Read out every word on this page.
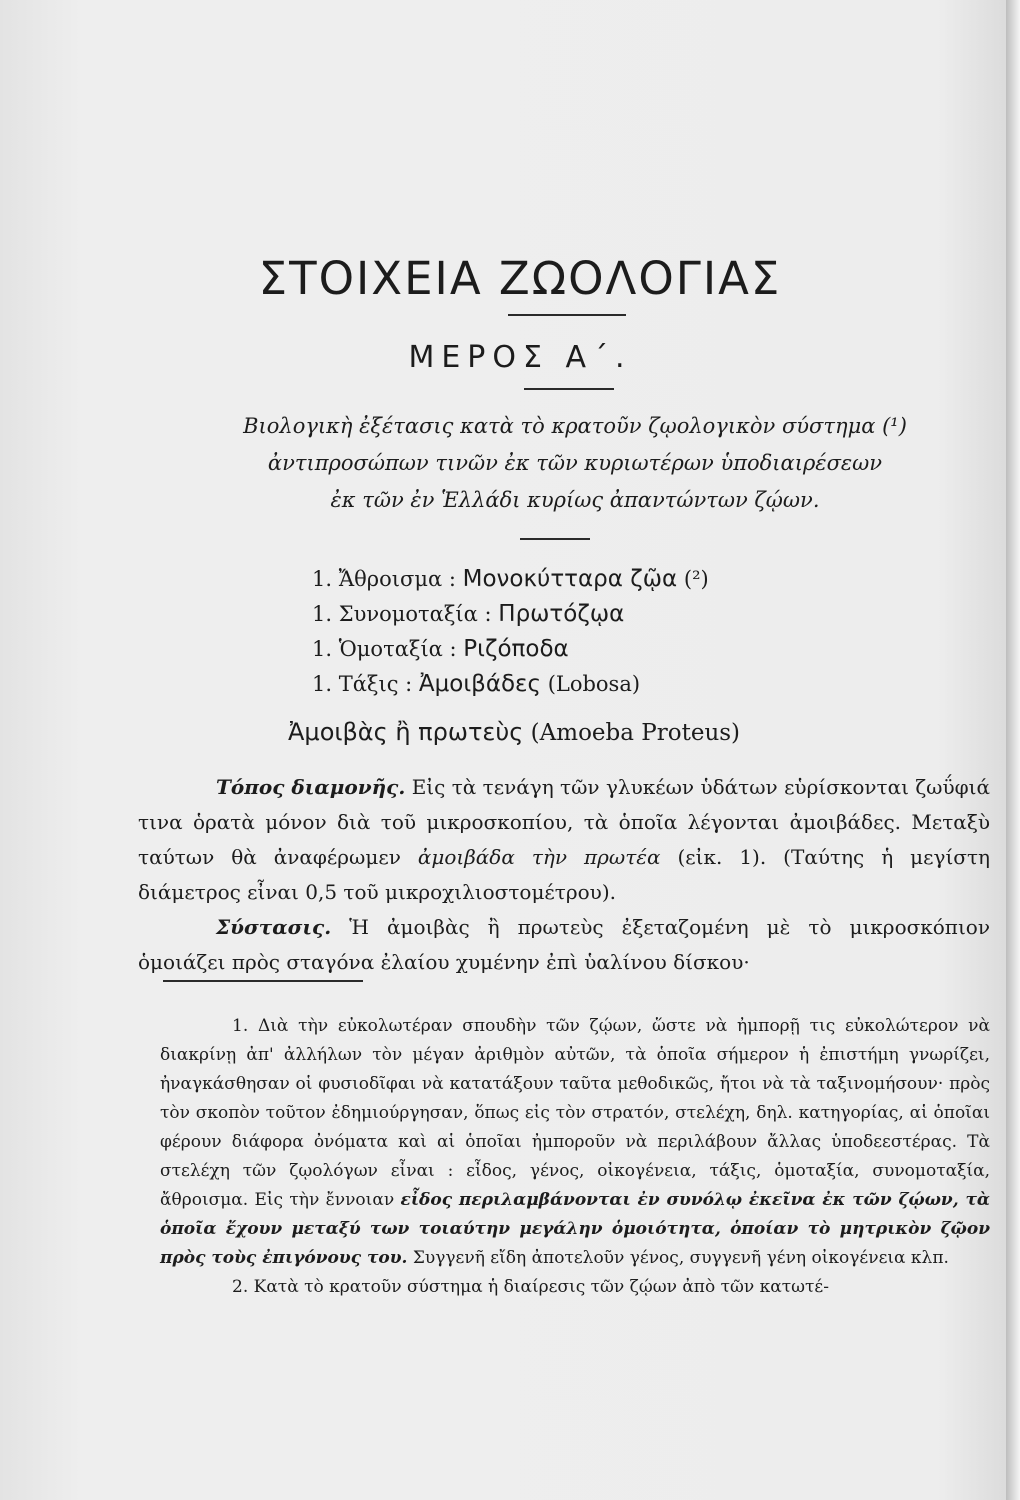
ΣΤΟΙΧΕΙΑ ΖΩΟΛΟΓΙΑΣ
ΜΕΡΟΣ Α΄.

Βιολογικὴ ἐξέτασις κατὰ τὸ κρατοῦν ζῳολογικὸν σύστημα (¹)

ἀντιπροσώπων τινῶν ἐκ τῶν κυριωτέρων ὑποδιαιρέσεων

ἐκ τῶν ἐν Ἑλλάδι κυρίως ἀπαντώντων ζῴων.

1. Ἄθροισμα : Μονοκύτταρα ζῷα (²)
1. Συνομοταξία : Πρωτόζῳα
1. Ὁμοταξία : Ριζόποδα
1. Τάξις : Ἀμοιβάδες (Lobosa)
Ἀμοιβὰς ἢ πρωτεὺς (Amoeba Proteus)

Τόπος διαμονῆς. Εἰς τὰ τενάγη τῶν γλυκέων ὑδάτων εὑρίσκονται ζωΰφιά τινα ὁρατὰ μόνον διὰ τοῦ μικροσκοπίου, τὰ ὁποῖα λέγονται ἀμοιβάδες. Μεταξὺ ταύτων θὰ ἀναφέρωμεν ἀμοιβάδα τὴν πρωτέα (εἰκ. 1). (Ταύτης ἡ μεγίστη διάμετρος εἶναι 0,5 τοῦ μικροχιλιοστομέτρου).

Σύστασις. Ἡ ἀμοιβὰς ἢ πρωτεὺς ἐξεταζομένη μὲ τὸ μικροσκόπιον ὁμοιάζει πρὸς σταγόνα ἐλαίου χυμένην ἐπὶ ὑαλίνου δίσκου·

1. Διὰ τὴν εὐκολωτέραν σπουδὴν τῶν ζῴων, ὥστε νὰ ἠμπορῇ τις εὐκολώτερον νὰ διακρίνῃ ἀπ' ἀλλήλων τὸν μέγαν ἀριθμὸν αὐτῶν, τὰ ὁποῖα σήμερον ἡ ἐπιστήμη γνωρίζει, ἠναγκάσθησαν οἱ φυσιοδῖφαι νὰ κατατάξουν ταῦτα μεθοδικῶς, ἤτοι νὰ τὰ ταξινομήσουν· πρὸς τὸν σκοπὸν τοῦτον ἐδημιούργησαν, ὅπως εἰς τὸν στρατόν, στελέχη, δηλ. κατηγορίας, αἱ ὁποῖαι φέρουν διάφορα ὀνόματα καὶ αἱ ὁποῖαι ἠμποροῦν νὰ περιλάβουν ἄλλας ὑποδεεστέρας. Τὰ στελέχη τῶν ζῳολόγων εἶναι : εἶδος, γένος, οἰκογένεια, τάξις, ὁμοταξία, συνομοταξία, ἄθροισμα. Εἰς τὴν ἔννοιαν εἶδος περιλαμβάνονται ἐν συνόλῳ ἐκεῖνα ἐκ τῶν ζῴων, τὰ ὁποῖα ἔχουν μεταξύ των τοιαύτην μεγάλην ὁμοιότητα, ὁποίαν τὸ μητρικὸν ζῷον πρὸς τοὺς ἐπιγόνους του. Συγγενῆ εἴδη ἀποτελοῦν γένος, συγγενῆ γένη οἰκογένεια κλπ.

2. Κατὰ τὸ κρατοῦν σύστημα ἡ διαίρεσις τῶν ζῴων ἀπὸ τῶν κατωτέ-
